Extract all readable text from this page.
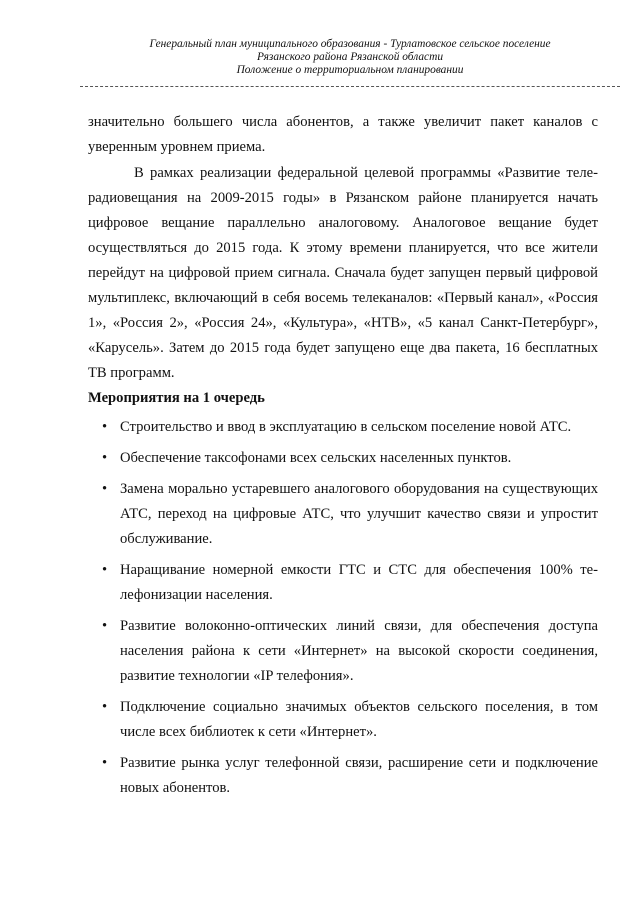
Генеральный план муниципального образования - Турлатовское сельское поселение
Рязанского района Рязанской области
Положение о территориальном планировании

значительно большего числа абонентов, а также увеличит пакет каналов с уверенным уровнем приема.

В рамках реализации федеральной целевой программы «Развитие телерадиовещания на 2009-2015 годы» в Рязанском районе планируется начать цифровое вещание параллельно аналоговому. Аналоговое вещание будет осуществляться до 2015 года. К этому времени планируется, что все жители перейдут на цифровой прием сигнала. Сначала будет запущен первый цифровой мультиплекс, включающий в себя восемь телеканалов: «Первый канал», «Россия 1», «Россия 2», «Россия 24», «Культура», «НТВ», «5 канал Санкт-Петербург», «Карусель». Затем до 2015 года будет запущено еще два пакета, 16 бесплатных ТВ программ.

Мероприятия на 1 очередь

• Строительство и ввод в эксплуатацию в сельском поселение новой АТС.
• Обеспечение таксофонами всех сельских населенных пунктов.
• Замена морально устаревшего аналогового оборудования на существующих АТС, переход на цифровые АТС, что улучшит качество связи и упростит обслуживание.
• Наращивание номерной емкости ГТС и СТС для обеспечения 100% телефонизации населения.
• Развитие волоконно-оптических линий связи, для обеспечения доступа населения района к сети «Интернет» на высокой скорости соединения, развитие технологии «IP телефония».
• Подключение социально значимых объектов сельского поселения, в том числе всех библиотек к сети «Интернет».
• Развитие рынка услуг телефонной связи, расширение сети и подключение новых абонентов.
